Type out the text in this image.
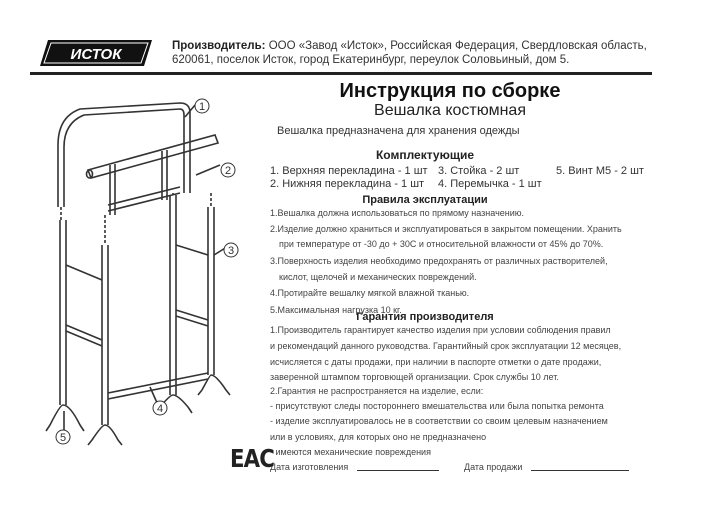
ИСТОК	Производитель: ООО «Завод «Исток», Российская Федерация, Свердловская область,
620061, поселок Исток, город Екатеринбург, переулок Соловьиный, дом 5.
Инструкция по сборке
Вешалка костюмная
Вешалка предназначена для хранения одежды
Комплектующие
1. Верхняя перекладина - 1 шт
2. Нижняя перекладина - 1 шт
3. Стойка - 2 шт
4. Перемычка - 1 шт
5. Винт М5 - 2 шт
Правила эксплуатации
1.Вешалка должна использоваться по прямому назначению.
2.Изделие должно храниться и эксплуатироваться в закрытом помещении. Хранить
при температуре от -30 до + 30С и относительной влажности от 45% до 70%.
3.Поверхность изделия необходимо предохранять от различных растворителей,
кислот, щелочей и механических повреждений.
4.Протирайте вешалку мягкой влажной тканью.
5.Максимальная нагрузка 10 кг.
Гарантия производителя
1.Производитель гарантирует качество изделия при условии соблюдения правил
и рекомендаций данного руководства. Гарантийный срок эксплуатации 12 месяцев,
исчисляется с даты продажи, при наличии в паспорте отметки о дате продажи,
заверенной штампом торговющей организации. Срок службы 10 лет.
2.Гарантия не распространяется на изделие, если:
- присутствуют следы постороннего вмешательства или была попытка ремонта
- изделие эксплуатировалось не в соответствии со своим целевым назначением
или в условиях, для которых оно не предназначено
- имеются механические повреждения
Дата изготовления	Дата продажи
EAC
1
2
3
4
5
